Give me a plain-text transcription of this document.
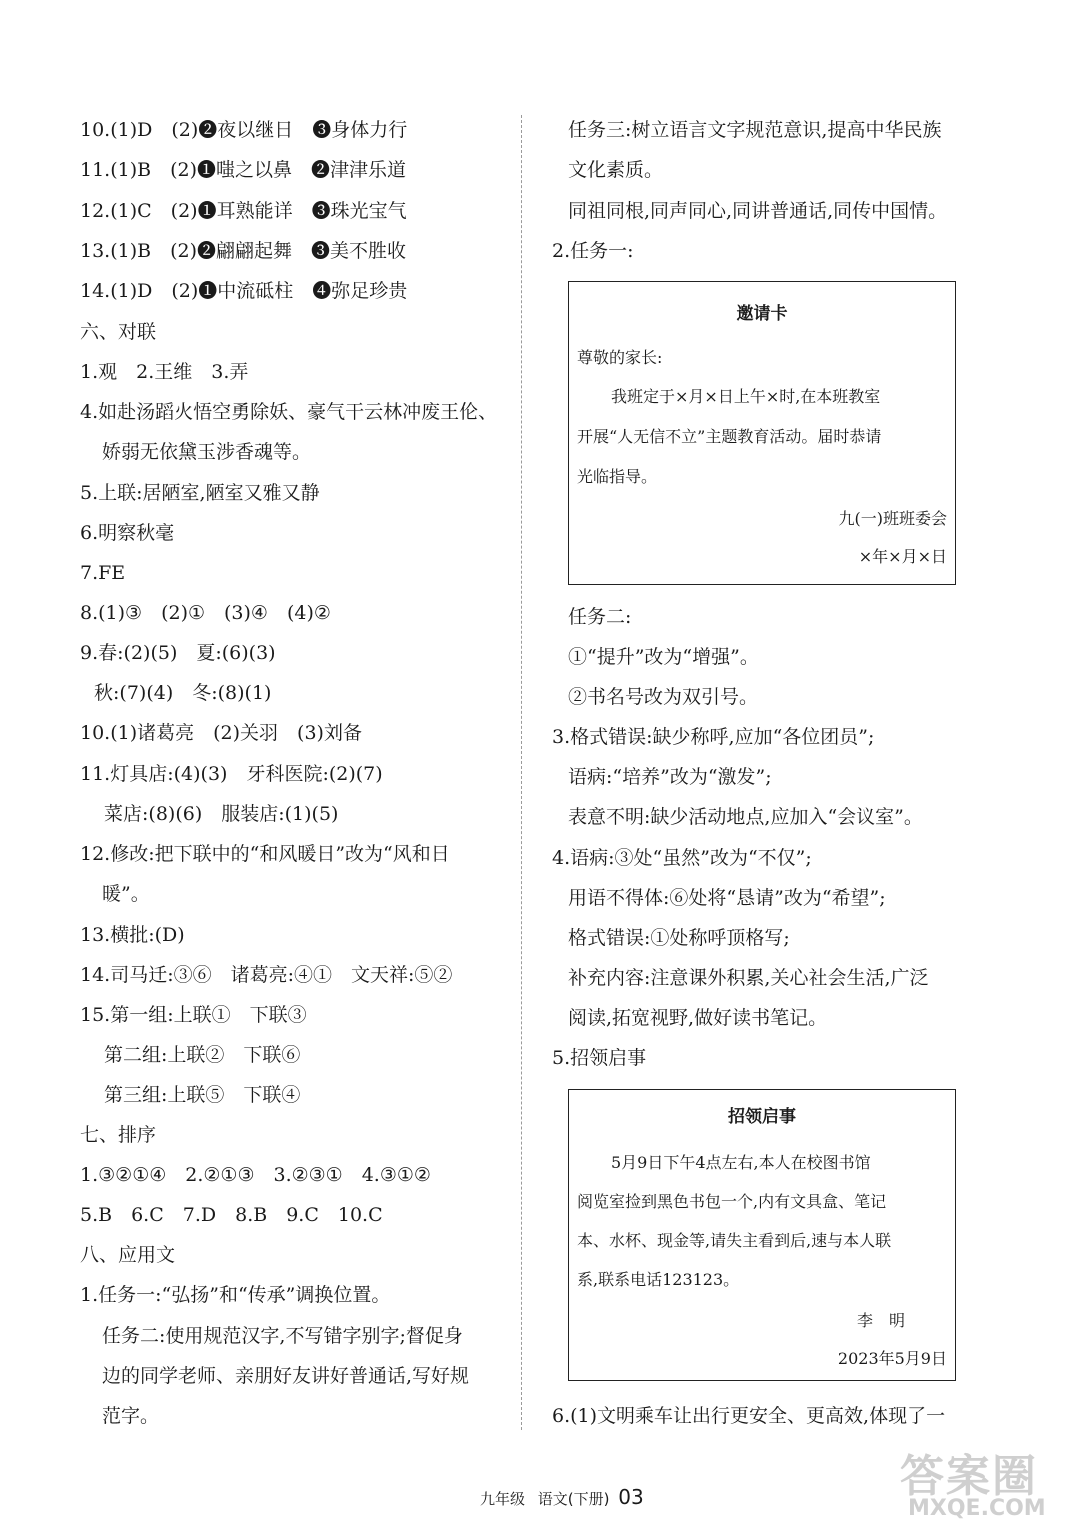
10.(1)D　(2)❷夜以继日　❸身体力行
11.(1)B　(2)❶嗤之以鼻　❷津津乐道
12.(1)C　(2)❶耳熟能详　❸珠光宝气
13.(1)B　(2)❷翩翩起舞　❸美不胜收
14.(1)D　(2)❶中流砥柱　❹弥足珍贵
六、对联
1.观　2.王维　3.弄
4.如赴汤蹈火悟空勇除妖、豪气干云林冲废王伦、
娇弱无依黛玉涉香魂等。
5.上联:居陋室,陋室又雅又静
6.明察秋毫
7.FE
8.(1)③　(2)①　(3)④　(4)②
9.春:(2)(5)　夏:(6)(3)
秋:(7)(4)　冬:(8)(1)
10.(1)诸葛亮　(2)关羽　(3)刘备
11.灯具店:(4)(3)　牙科医院:(2)(7)
菜店:(8)(6)　服装店:(1)(5)
12.修改:把下联中的“和风暖日”改为“风和日
暖”。
13.横批:(D)
14.司马迁:③⑥　诸葛亮:④①　文天祥:⑤②
15.第一组:上联①　下联③
第二组:上联②　下联⑥
第三组:上联⑤　下联④
七、排序
1.③②①④　2.②①③　3.②③①　4.③①②
5.B　6.C　7.D　8.B　9.C　10.C
八、应用文
1.任务一:“弘扬”和“传承”调换位置。
任务二:使用规范汉字,不写错字别字;督促身
边的同学老师、亲朋好友讲好普通话,写好规
范字。
任务三:树立语言文字规范意识,提高中华民族
文化素质。
同祖同根,同声同心,同讲普通话,同传中国情。
2.任务一:
邀请卡
尊敬的家长:
我班定于×月×日上午×时,在本班教室
开展“人无信不立”主题教育活动。届时恭请
光临指导。
九(一)班班委会
×年×月×日
任务二:
①“提升”改为“增强”。
②书名号改为双引号。
3.格式错误:缺少称呼,应加“各位团员”;
语病:“培养”改为“激发”;
表意不明:缺少活动地点,应加入“会议室”。
4.语病:③处“虽然”改为“不仅”;
用语不得体:⑥处将“恳请”改为“希望”;
格式错误:①处称呼顶格写;
补充内容:注意课外积累,关心社会生活,广泛
阅读,拓宽视野,做好读书笔记。
5.招领启事
招领启事
5月9日下午4点左右,本人在校图书馆
阅览室捡到黑色书包一个,内有文具盒、笔记
本、水杯、现金等,请失主看到后,速与本人联
系,联系电话123123。
李　明
2023年5月9日
6.(1)文明乘车让出行更安全、更高效,体现了一
九年级 语文(下册) 03	答案圈
MXQE.COM
